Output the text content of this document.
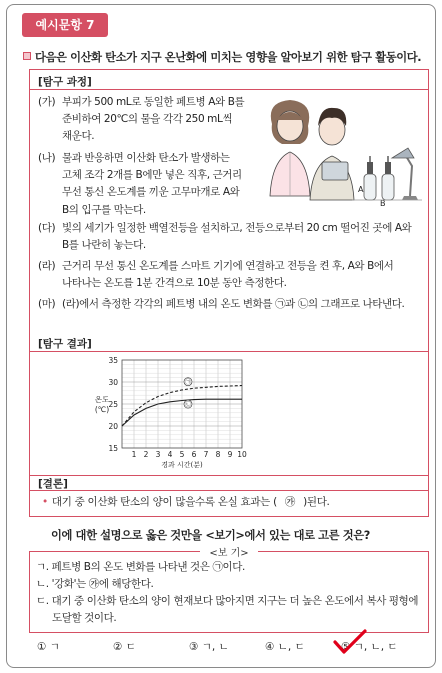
예시문항 7
다음은 이산화 탄소가 지구 온난화에 미치는 영향을 알아보기 위한 탐구 활동이다.
[탐구 과정]
(가) 부피가 500 mL로 동일한 페트병 A와 B를
준비하여 20℃의 물을 각각 250 mL씩
채운다.
(나) 물과 반응하면 이산화 탄소가 발생하는
고체 조각 2개를 B에만 넣은 직후, 근거리
무선 통신 온도계를 끼운 고무마개로 A와
B의 입구를 막는다.
(다) 빛의 세기가 일정한 백열전등을 설치하고, 전등으로부터 20 cm 떨어진 곳에 A와
B를 나란히 놓는다.
(라) 근거리 무선 통신 온도계를 스마트 기기에 연결하고 전등을 켠 후, A와 B에서
나타나는 온도를 1분 간격으로 10분 동안 측정한다.
(마) (라)에서 측정한 각각의 페트병 내의 온도 변화를 ㉠과 ㉡의 그래프로 나타낸다.
A
B
[탐구 결과]
15
20
25
30
35
1 2 3 4 5 6 7 8 9 10
경과 시간(분)
온도
(℃)
㉠
㉡
[결론]
• 대기 중 이산화 탄소의 양이 많을수록 온실 효과는 ( ㉮ )된다.
이에 대한 설명으로 옳은 것만을 <보기>에서 있는 대로 고른 것은?
<보 기>
ㄱ. 페트병 B의 온도 변화를 나타낸 것은 ㉠이다.
ㄴ. '강화'는 ㉮에 해당한다.
ㄷ. 대기 중 이산화 탄소의 양이 현재보다 많아지면 지구는 더 높은 온도에서 복사 평형에
도달할 것이다.
① ㄱ	② ㄷ	③ ㄱ, ㄴ	④ ㄴ, ㄷ	⑤ ㄱ, ㄴ, ㄷ
